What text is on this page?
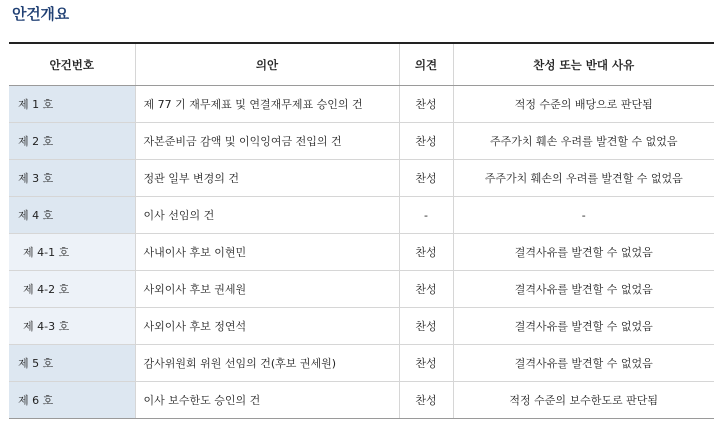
안건개요
안건번호	의안	의견	찬성 또는 반대 사유
제 1 호	제 77 기 재무제표 및 연결재무제표 승인의 건	찬성	적정 수준의 배당으로 판단됨
제 2 호	자본준비금 감액 및 이익잉여금 전입의 건	찬성	주주가치 훼손 우려를 발견할 수 없었음
제 3 호	정관 일부 변경의 건	찬성	주주가치 훼손의 우려를 발견할 수 없었음
제 4 호	이사 선임의 건	-	-
제 4-1 호	사내이사 후보 이현민	찬성	결격사유를 발견할 수 없었음
제 4-2 호	사외이사 후보 권세원	찬성	결격사유를 발견할 수 없었음
제 4-3 호	사외이사 후보 정연석	찬성	결격사유를 발견할 수 없었음
제 5 호	감사위원회 위원 선임의 건(후보 권세원)	찬성	결격사유를 발견할 수 없었음
제 6 호	이사 보수한도 승인의 건	찬성	적정 수준의 보수한도로 판단됨
